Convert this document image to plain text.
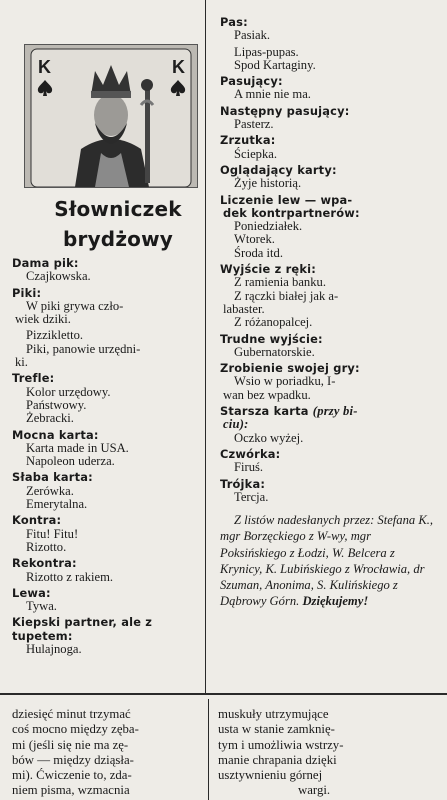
K	K
Słowniczek
brydżowy
Dama pik:
Czajkowska.
Piki:
W piki grywa czło-
wiek dziki.
Pizzikletto.
Piki, panowie urzędni-
ki.
Trefle:
Kolor urzędowy.
Państwowy.
Żebracki.
Mocna karta:
Karta made in USA.
Napoleon uderza.
Słaba karta:
Zerówka.
Emerytalna.
Kontra:
Fitu! Fitu!
Rizotto.
Rekontra:
Rizotto z rakiem.
Lewa:
Tywa.
Kiepski partner, ale z tupetem:
Hulajnoga.
Pas:
Pasiak.
Lipas-pupas.
Spod Kartaginy.
Pasujący:
A mnie nie ma.
Następny pasujący:
Pasterz.
Zrzutka:
Ściepka.
Oglądający karty:
Żyje historią.
Liczenie lew — wpa-
dek kontrpartnerów:
Poniedziałek.
Wtorek.
Środa itd.
Wyjście z ręki:
Z ramienia banku.
Z rączki białej jak a-
labaster.
Z różanopalcej.
Trudne wyjście:
Gubernatorskie.
Zrobienie swojej gry:
Wsio w poriadku, I-
wan bez wpadku.
Starsza karta (przy bi-
ciu):
Oczko wyżej.
Czwórka:
Firuś.
Trójka:
Tercja.
Z listów nadesłanych przez: Stefana K., mgr Borzęckiego z W-wy, mgr Poksińskiego z Łodzi, W. Belcera z Krynicy, K. Lubińskiego z Wrocławia, dr Szuman, Anonima, S. Kulińskiego z Dąbrowy Górn. Dziękujemy!
dziesięć minut trzymać
coś mocno między zęba-
mi (jeśli się nie ma zę-
bów — między dziąsła-
mi). Ćwiczenie to, zda-
niem pisma, wzmacnia
muskuły utrzymujące
usta w stanie zamknię-
tym i umożliwia wstrzy-
manie chrapania dzięki
usztywnieniu górnej
wargi.
